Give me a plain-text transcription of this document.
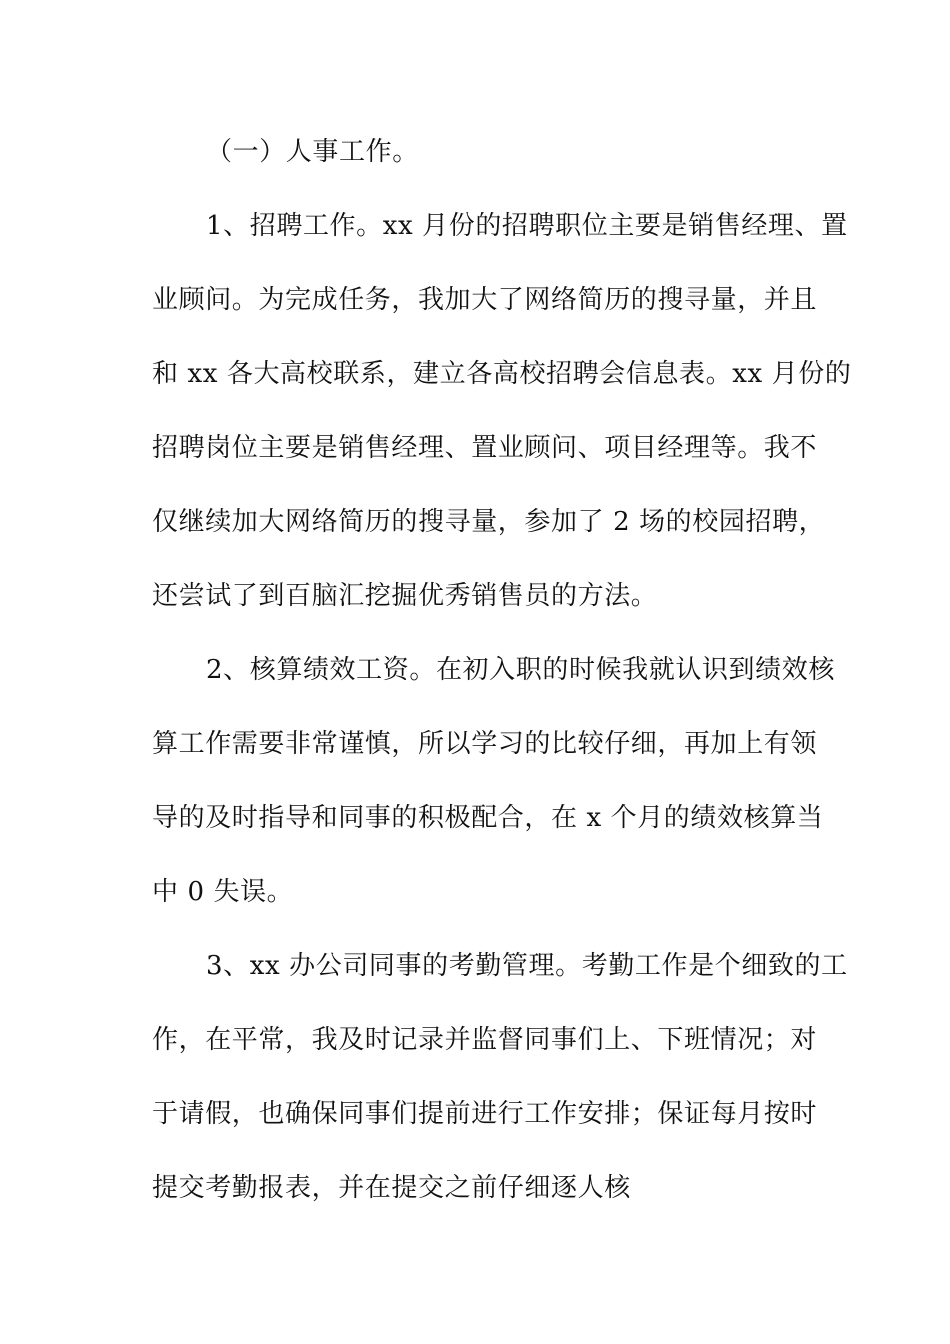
（一）人事工作。
1、招聘工作。xx 月份的招聘职位主要是销售经理、置
业顾问。为完成任务，我加大了网络简历的搜寻量，并且
和 xx 各大高校联系，建立各高校招聘会信息表。xx 月份的
招聘岗位主要是销售经理、置业顾问、项目经理等。我不
仅继续加大网络简历的搜寻量，参加了 2 场的校园招聘，
还尝试了到百脑汇挖掘优秀销售员的方法。
2、核算绩效工资。在初入职的时候我就认识到绩效核
算工作需要非常谨慎，所以学习的比较仔细，再加上有领
导的及时指导和同事的积极配合，在 x 个月的绩效核算当
中 0 失误。
3、xx 办公司同事的考勤管理。考勤工作是个细致的工
作，在平常，我及时记录并监督同事们上、下班情况；对
于请假，也确保同事们提前进行工作安排；保证每月按时
提交考勤报表，并在提交之前仔细逐人核
